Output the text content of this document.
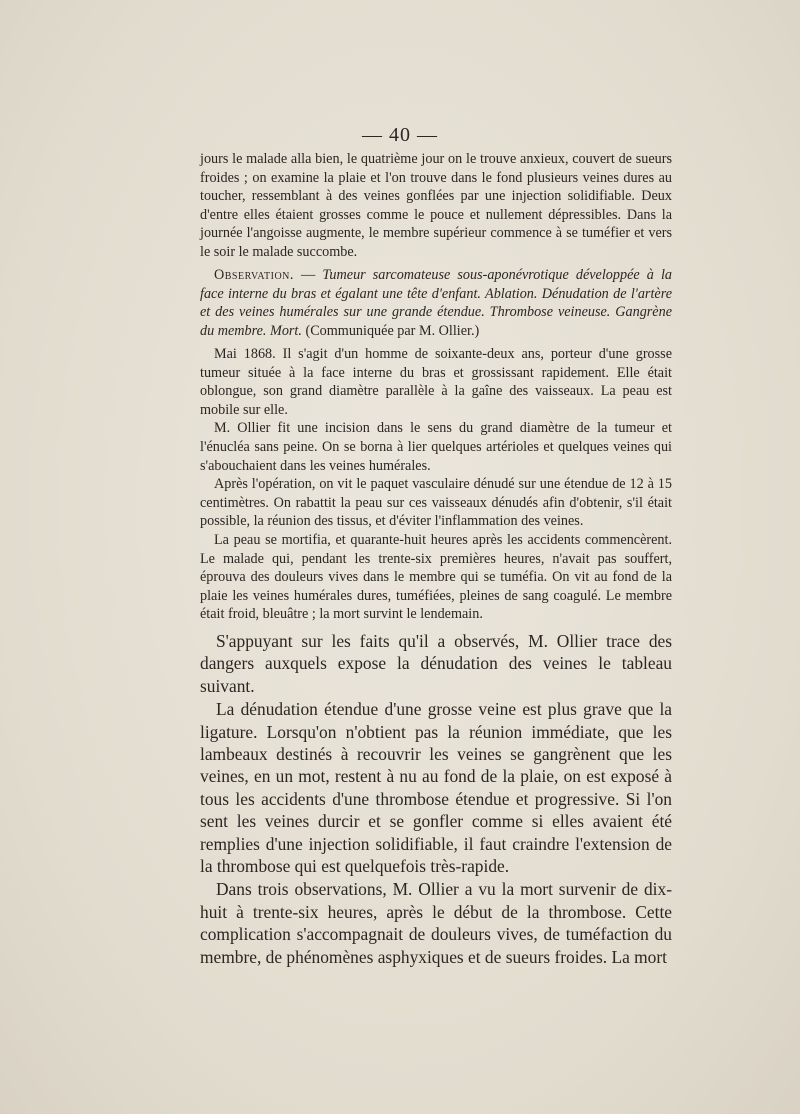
— 40 —

jours le malade alla bien, le quatrième jour on le trouve anxieux, couvert de sueurs froides ; on examine la plaie et l'on trouve dans le fond plusieurs veines dures au toucher, ressemblant à des veines gonflées par une injection solidifiable. Deux d'entre elles étaient grosses comme le pouce et nullement dépressibles. Dans la journée l'angoisse augmente, le membre supérieur commence à se tuméfier et vers le soir le malade succombe.

Observation. — Tumeur sarcomateuse sous-aponévrotique développée à la face interne du bras et égalant une tête d'enfant. Ablation. Dénudation de l'artère et des veines humérales sur une grande étendue. Thrombose veineuse. Gangrène du membre. Mort. (Communiquée par M. Ollier.)

Mai 1868. Il s'agit d'un homme de soixante-deux ans, porteur d'une grosse tumeur située à la face interne du bras et grossissant rapidement. Elle était oblongue, son grand diamètre parallèle à la gaîne des vaisseaux. La peau est mobile sur elle.

M. Ollier fit une incision dans le sens du grand diamètre de la tumeur et l'énucléa sans peine. On se borna à lier quelques artérioles et quelques veines qui s'abouchaient dans les veines humérales.

Après l'opération, on vit le paquet vasculaire dénudé sur une étendue de 12 à 15 centimètres. On rabattit la peau sur ces vaisseaux dénudés afin d'obtenir, s'il était possible, la réunion des tissus, et d'éviter l'inflammation des veines.

La peau se mortifia, et quarante-huit heures après les accidents commencèrent. Le malade qui, pendant les trente-six premières heures, n'avait pas souffert, éprouva des douleurs vives dans le membre qui se tuméfia. On vit au fond de la plaie les veines humérales dures, tuméfiées, pleines de sang coagulé. Le membre était froid, bleuâtre ; la mort survint le lendemain.

S'appuyant sur les faits qu'il a observés, M. Ollier trace des dangers auxquels expose la dénudation des veines le tableau suivant.

La dénudation étendue d'une grosse veine est plus grave que la ligature. Lorsqu'on n'obtient pas la réunion immédiate, que les lambeaux destinés à recouvrir les veines se gangrènent que les veines, en un mot, restent à nu au fond de la plaie, on est exposé à tous les accidents d'une thrombose étendue et progressive. Si l'on sent les veines durcir et se gonfler comme si elles avaient été remplies d'une injection solidifiable, il faut craindre l'extension de la thrombose qui est quelquefois très-rapide.

Dans trois observations, M. Ollier a vu la mort survenir de dix-huit à trente-six heures, après le début de la thrombose. Cette complication s'accompagnait de douleurs vives, de tuméfaction du membre, de phénomènes asphyxiques et de sueurs froides. La mort
